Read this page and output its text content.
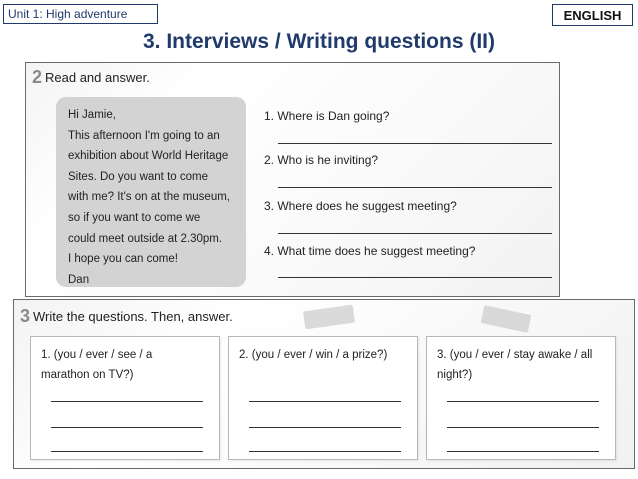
Unit 1: High adventure	ENGLISH
3. Interviews / Writing questions (II)
2 Read and answer.
Hi Jamie,
This afternoon I'm going to an
exhibition about World Heritage
Sites. Do you want to come
with me? It's on at the museum,
so if you want to come we
could meet outside at 2.30pm.
I hope you can come!
Dan
1. Where is Dan going?
2. Who is he inviting?
3. Where does he suggest meeting?
4. What time does he suggest meeting?
3 Write the questions. Then, answer.
1. (you / ever / see / a
marathon on TV?)
2. (you / ever / win / a prize?)	3. (you / ever / stay awake / all
night?)
